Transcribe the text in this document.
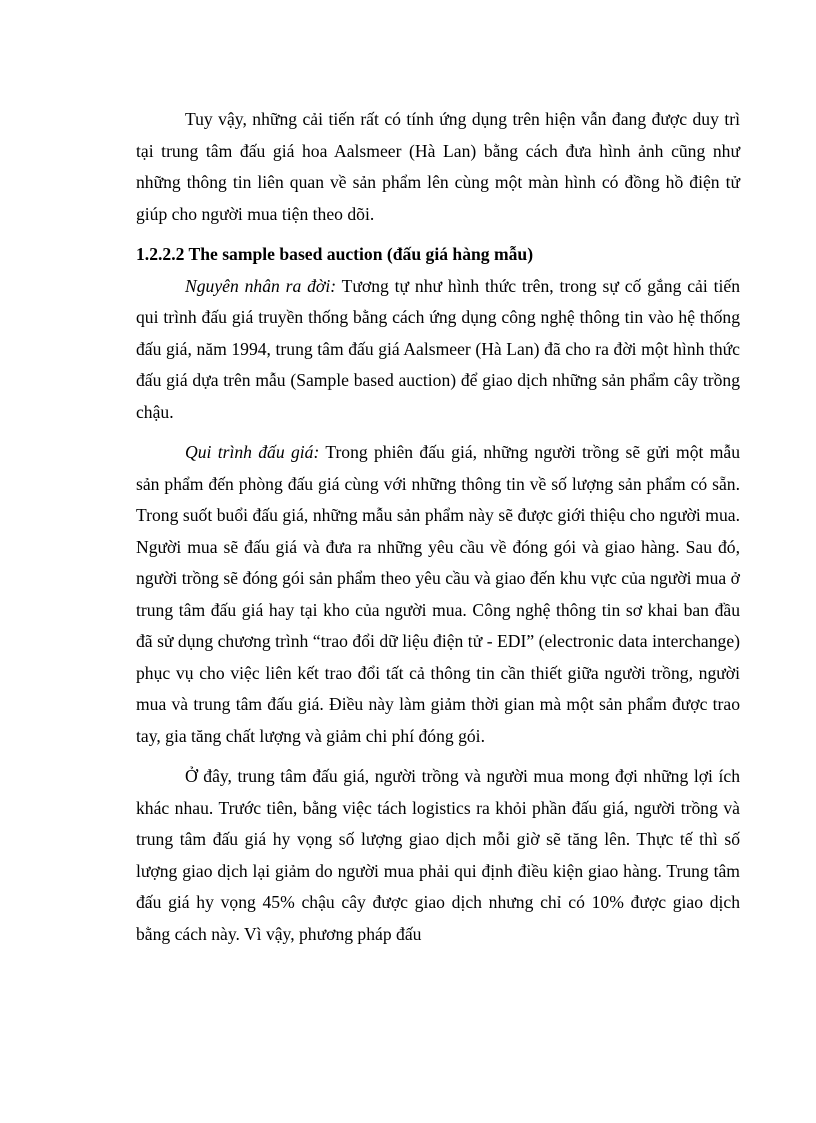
Tuy vậy, những cải tiến rất có tính ứng dụng trên hiện vẫn đang được duy trì tại trung tâm đấu giá hoa Aalsmeer (Hà Lan) bằng cách đưa hình ảnh cũng như những thông tin liên quan về sản phẩm lên cùng một màn hình có đồng hồ điện tử giúp cho người mua tiện theo dõi.

1.2.2.2 The sample based auction (đấu giá hàng mẫu)

Nguyên nhân ra đời: Tương tự như hình thức trên, trong sự cố gắng cải tiến qui trình đấu giá truyền thống bằng cách ứng dụng công nghệ thông tin vào hệ thống đấu giá, năm 1994, trung tâm đấu giá Aalsmeer (Hà Lan) đã cho ra đời một hình thức đấu giá dựa trên mẫu (Sample based auction) để giao dịch những sản phẩm cây trồng chậu.

Qui trình đấu giá: Trong phiên đấu giá, những người trồng sẽ gửi một mẫu sản phẩm đến phòng đấu giá cùng với những thông tin về số lượng sản phẩm có sẵn. Trong suốt buổi đấu giá, những mẫu sản phẩm này sẽ được giới thiệu cho người mua. Người mua sẽ đấu giá và đưa ra những yêu cầu về đóng gói và giao hàng. Sau đó, người trồng sẽ đóng gói sản phẩm theo yêu cầu và giao đến khu vực của người mua ở trung tâm đấu giá hay tại kho của người mua. Công nghệ thông tin sơ khai ban đầu đã sử dụng chương trình “trao đổi dữ liệu điện tử - EDI” (electronic data interchange) phục vụ cho việc liên kết trao đổi tất cả thông tin cần thiết giữa người trồng, người mua và trung tâm đấu giá. Điều này làm giảm thời gian mà một sản phẩm được trao tay, gia tăng chất lượng và giảm chi phí đóng gói.

Ở đây, trung tâm đấu giá, người trồng và người mua mong đợi những lợi ích khác nhau. Trước tiên, bằng việc tách logistics ra khỏi phần đấu giá, người trồng và trung tâm đấu giá hy vọng số lượng giao dịch mỗi giờ sẽ tăng lên. Thực tế thì số lượng giao dịch lại giảm do người mua phải qui định điều kiện giao hàng. Trung tâm đấu giá hy vọng 45% chậu cây được giao dịch nhưng chỉ có 10% được giao dịch bằng cách này. Vì vậy, phương pháp đấu
